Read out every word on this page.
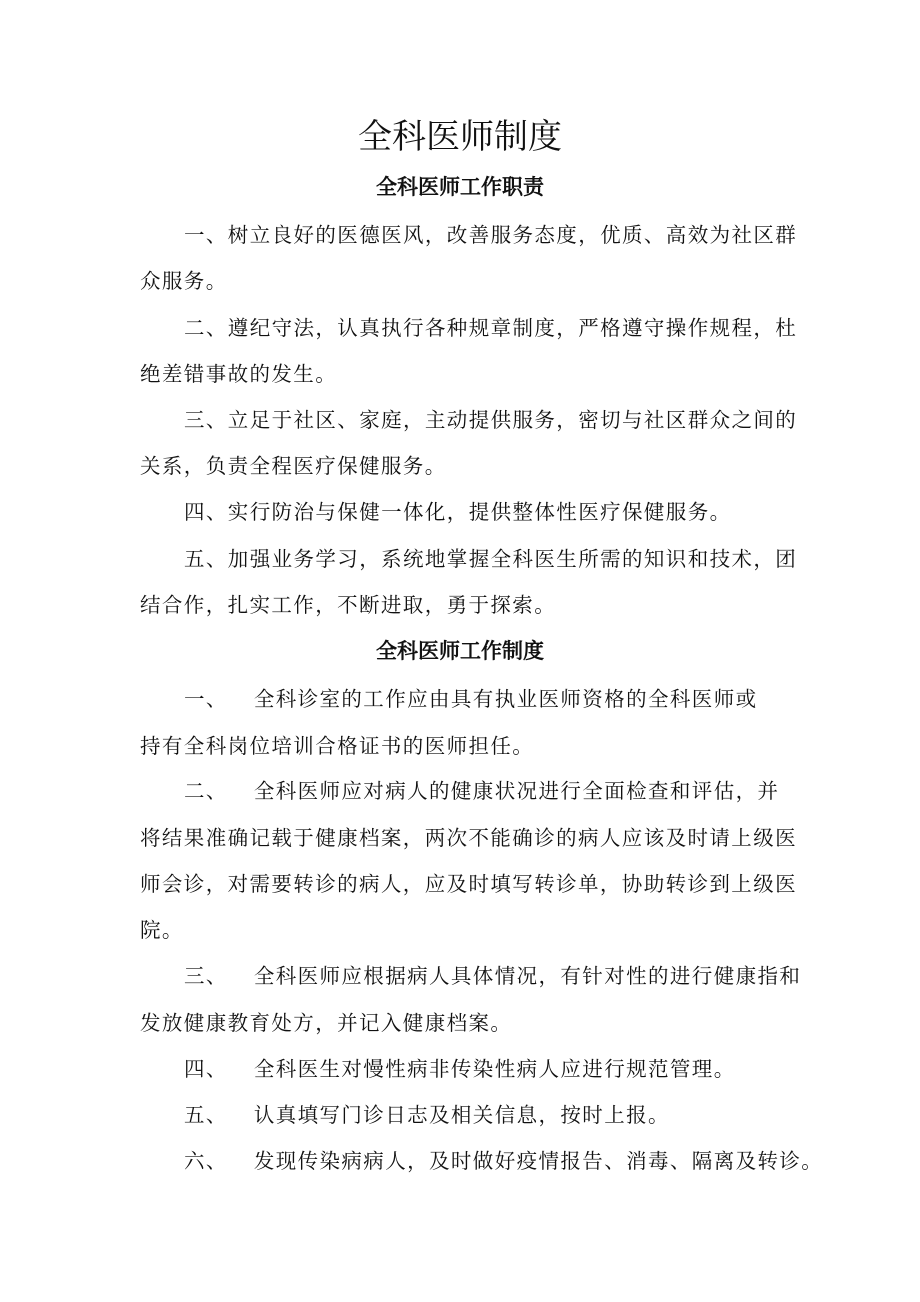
全科医师制度
全科医师工作职责
一、树立良好的医德医风，改善服务态度，优质、高效为社区群
众服务。
二、遵纪守法，认真执行各种规章制度，严格遵守操作规程，杜
绝差错事故的发生。
三、立足于社区、家庭，主动提供服务，密切与社区群众之间的
关系，负责全程医疗保健服务。
四、实行防治与保健一体化，提供整体性医疗保健服务。
五、加强业务学习，系统地掌握全科医生所需的知识和技术，团
结合作，扎实工作，不断进取，勇于探索。
全科医师工作制度
一、 全科诊室的工作应由具有执业医师资格的全科医师或
持有全科岗位培训合格证书的医师担任。
二、 全科医师应对病人的健康状况进行全面检查和评估，并
将结果准确记载于健康档案，两次不能确诊的病人应该及时请上级医
师会诊，对需要转诊的病人，应及时填写转诊单，协助转诊到上级医
院。
三、 全科医师应根据病人具体情况，有针对性的进行健康指和
发放健康教育处方，并记入健康档案。
四、 全科医生对慢性病非传染性病人应进行规范管理。
五、 认真填写门诊日志及相关信息，按时上报。
六、 发现传染病病人，及时做好疫情报告、消毒、隔离及转诊。
